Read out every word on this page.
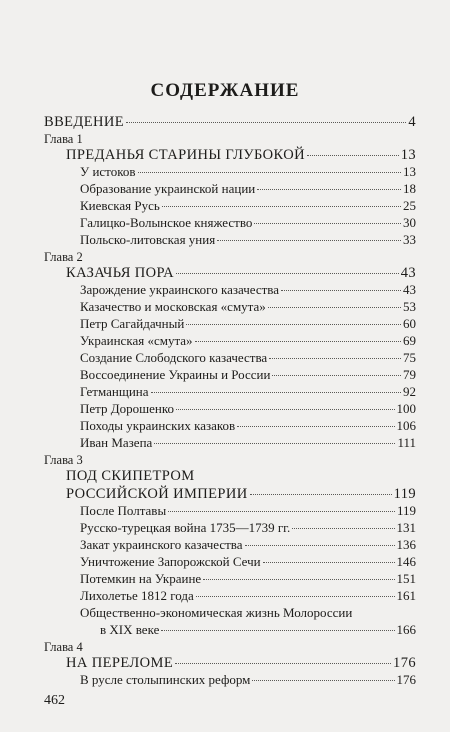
СОДЕРЖАНИЕ
ВВЕДЕНИЕ	4
Глава 1
ПРЕДАНЬЯ СТАРИНЫ ГЛУБОКОЙ	13
У истоков	13
Образование украинской нации	18
Киевская Русь	25
Галицко-Волынское княжество	30
Польско-литовская уния	33
Глава 2
КАЗАЧЬЯ ПОРА	43
Зарождение украинского казачества	43
Казачество и московская «смута»	53
Петр Сагайдачный	60
Украинская «смута»	69
Создание Слободского казачества	75
Воссоединение Украины и России	79
Гетманщина	92
Петр Дорошенко	100
Походы украинских казаков	106
Иван Мазепа	111
Глава 3
ПОД СКИПЕТРОМ
РОССИЙСКОЙ ИМПЕРИИ	119
После Полтавы	119
Русско-турецкая война 1735—1739 гг.	131
Закат украинского казачества	136
Уничтожение Запорожской Сечи	146
Потемкин на Украине	151
Лихолетье 1812 года	161
Общественно-экономическая жизнь Молороссии
в XIX веке	166
Глава 4
НА ПЕРЕЛОМЕ	176
В русле столыпинских реформ	176
462
